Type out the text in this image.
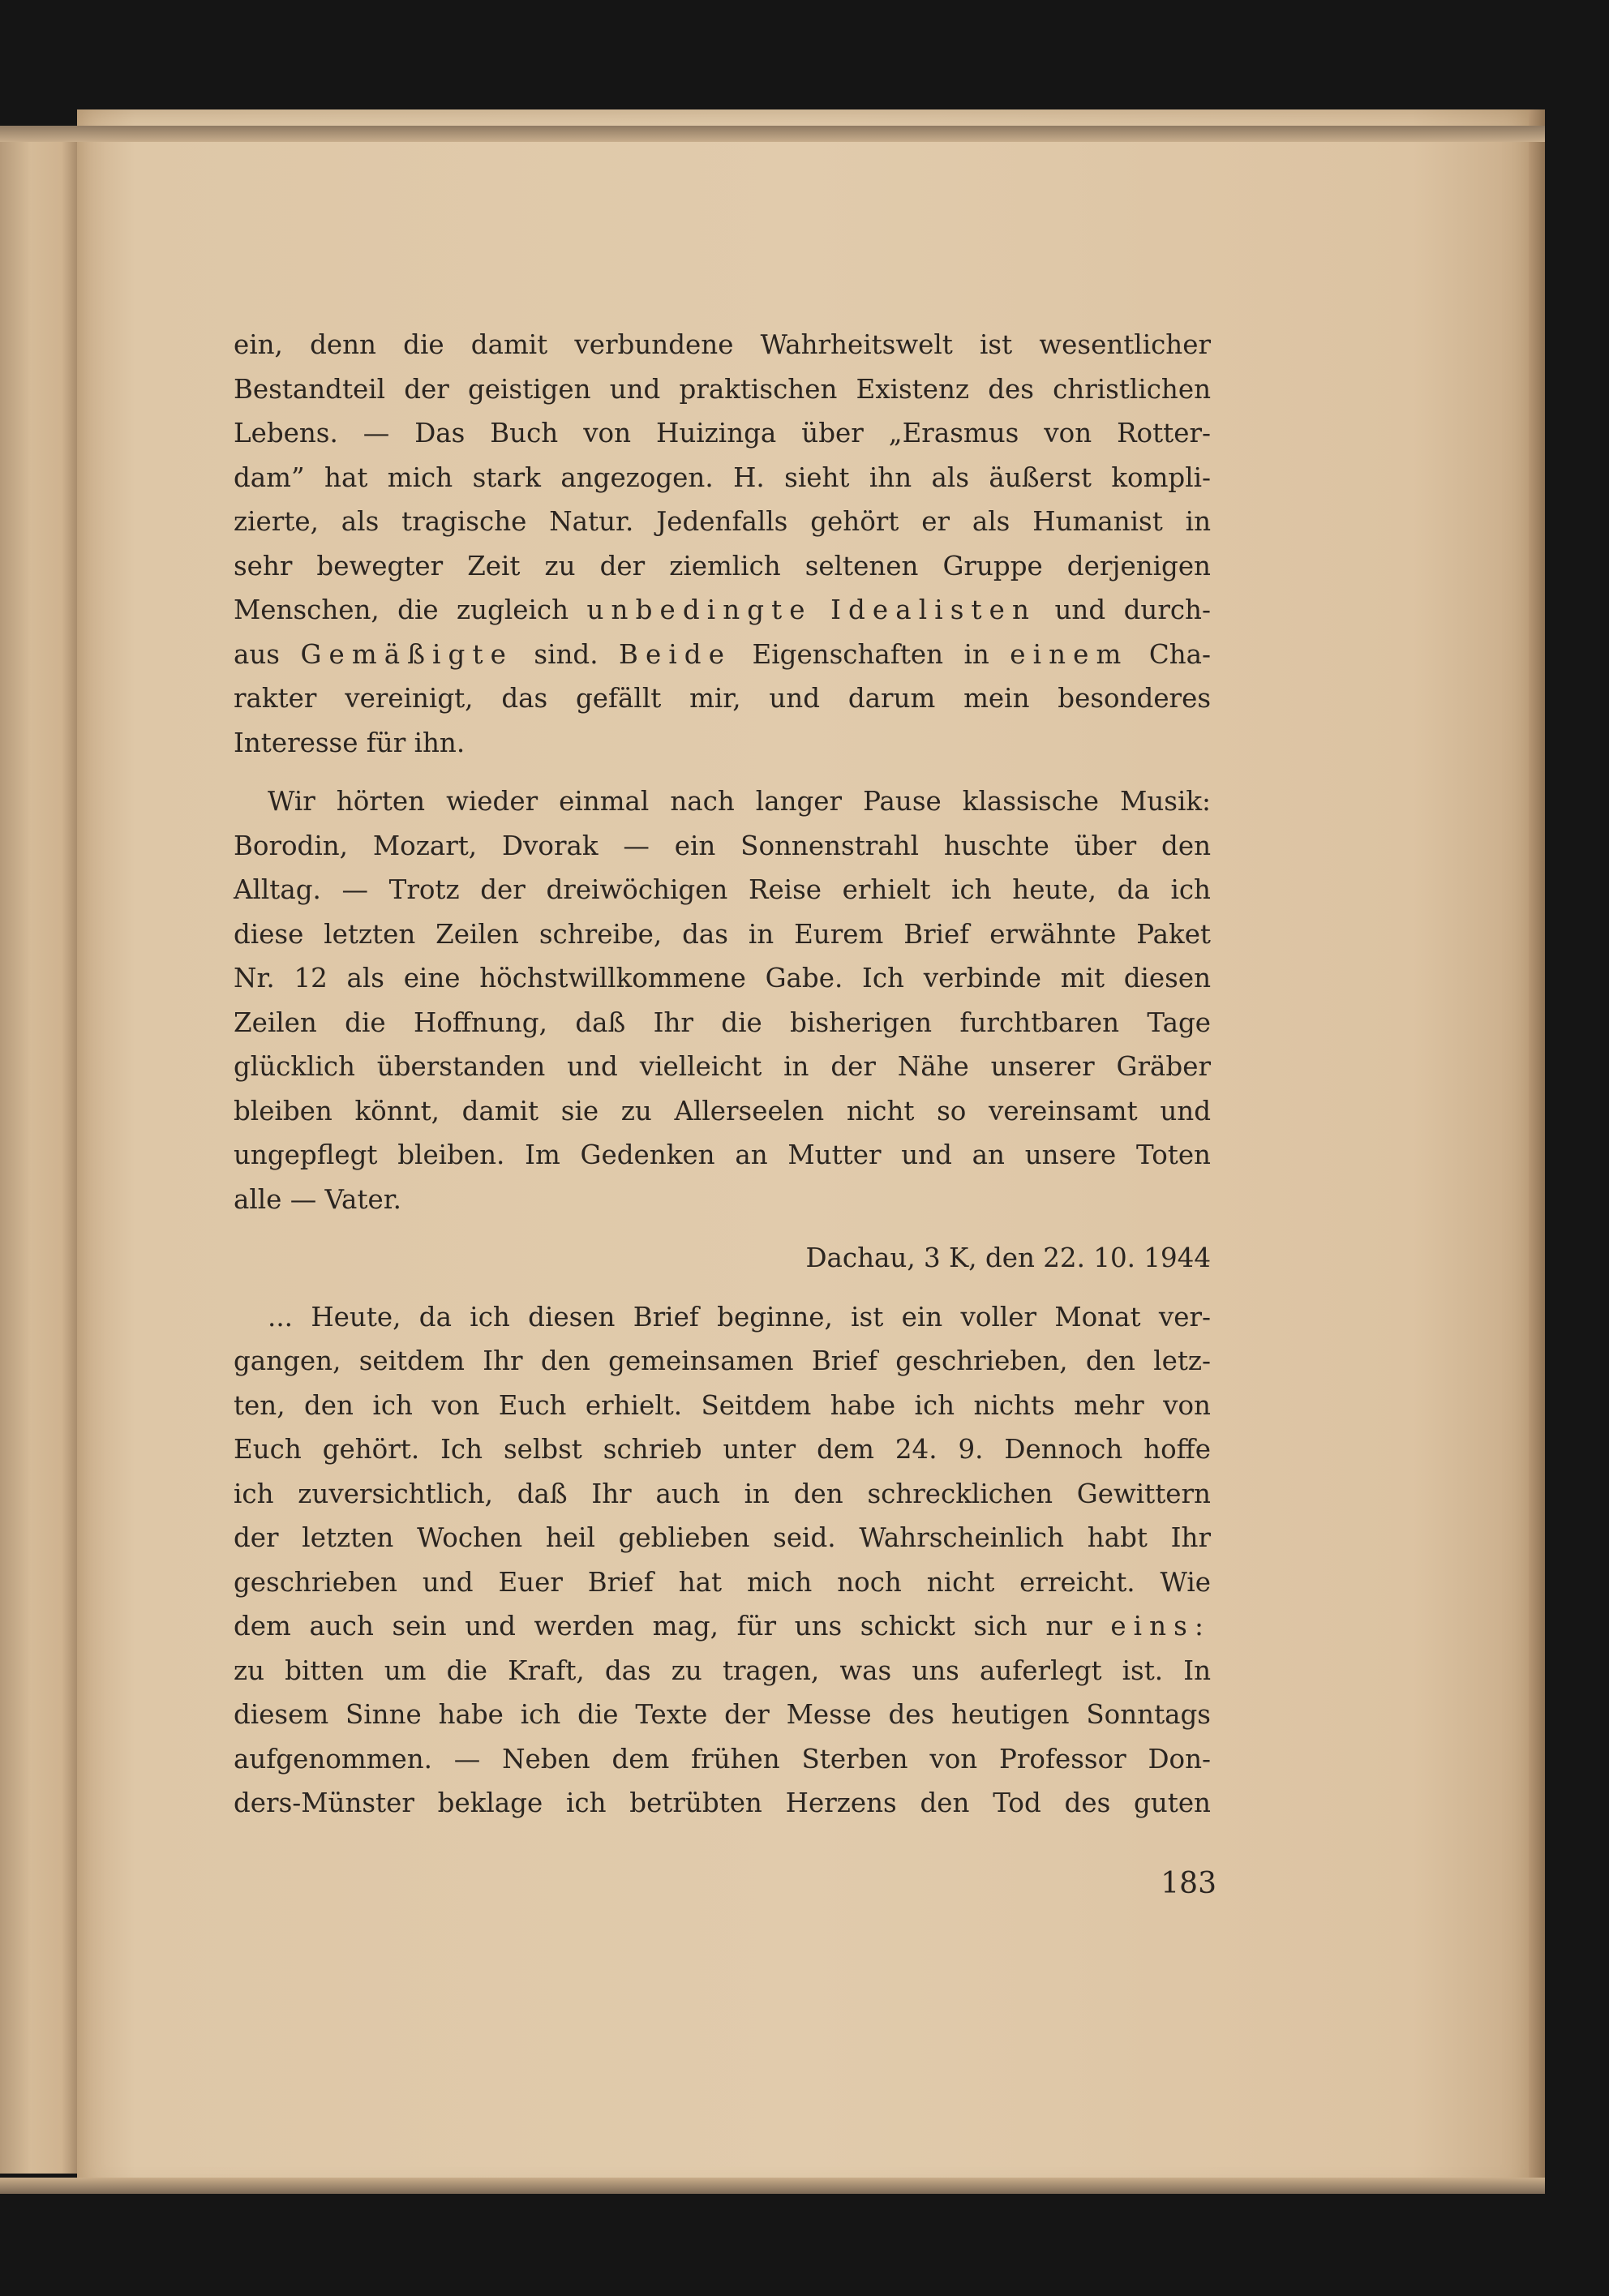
ein, denn die damit verbundene Wahrheitswelt ist wesentlicher
Bestandteil der geistigen und praktischen Existenz des christlichen
Lebens. — Das Buch von Huizinga über „Erasmus von Rotter-
dam” hat mich stark angezogen. H. sieht ihn als äußerst kompli-
zierte, als tragische Natur. Jedenfalls gehört er als Humanist in
sehr bewegter Zeit zu der ziemlich seltenen Gruppe derjenigen
Menschen, die zugleich unbedingte Idealisten und durch-
aus Gemäßigte sind. Beide Eigenschaften in einem Cha-
rakter vereinigt, das gefällt mir, und darum mein besonderes
Interesse für ihn.
Wir hörten wieder einmal nach langer Pause klassische Musik:
Borodin, Mozart, Dvorak — ein Sonnenstrahl huschte über den
Alltag. — Trotz der dreiwöchigen Reise erhielt ich heute, da ich
diese letzten Zeilen schreibe, das in Eurem Brief erwähnte Paket
Nr. 12 als eine höchstwillkommene Gabe. Ich verbinde mit diesen
Zeilen die Hoffnung, daß Ihr die bisherigen furchtbaren Tage
glücklich überstanden und vielleicht in der Nähe unserer Gräber
bleiben könnt, damit sie zu Allerseelen nicht so vereinsamt und
ungepflegt bleiben. Im Gedenken an Mutter und an unsere Toten
alle — Vater.
Dachau, 3 K, den 22. 10. 1944
... Heute, da ich diesen Brief beginne, ist ein voller Monat ver-
gangen, seitdem Ihr den gemeinsamen Brief geschrieben, den letz-
ten, den ich von Euch erhielt. Seitdem habe ich nichts mehr von
Euch gehört. Ich selbst schrieb unter dem 24. 9. Dennoch hoffe
ich zuversichtlich, daß Ihr auch in den schrecklichen Gewittern
der letzten Wochen heil geblieben seid. Wahrscheinlich habt Ihr
geschrieben und Euer Brief hat mich noch nicht erreicht. Wie
dem auch sein und werden mag, für uns schickt sich nur eins:
zu bitten um die Kraft, das zu tragen, was uns auferlegt ist. In
diesem Sinne habe ich die Texte der Messe des heutigen Sonntags
aufgenommen. — Neben dem frühen Sterben von Professor Don-
ders-Münster beklage ich betrübten Herzens den Tod des guten
183
